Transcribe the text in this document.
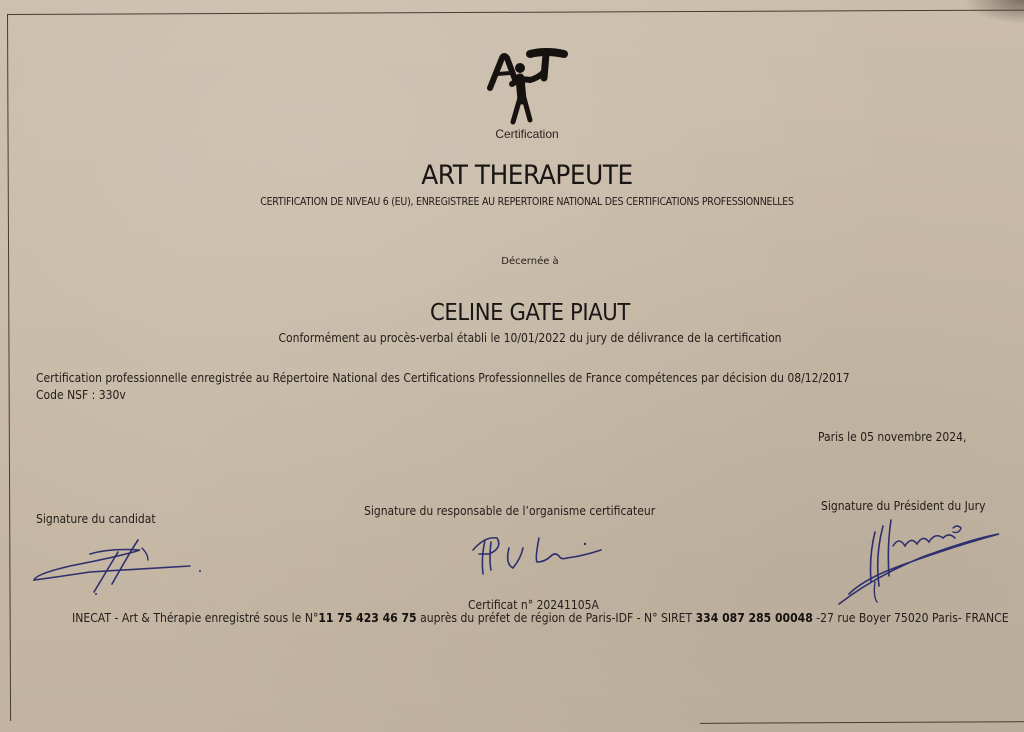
Certification
ART THERAPEUTE
CERTIFICATION DE NIVEAU 6 (EU), ENREGISTREE AU REPERTOIRE NATIONAL DES CERTIFICATIONS PROFESSIONNELLES
Décernée à
CELINE GATE PIAUT
Conformément au procès-verbal établi le 10/01/2022 du jury de délivrance de la certification
Certification professionnelle enregistrée au Répertoire National des Certifications Professionnelles de France compétences par décision du 08/12/2017
Code NSF : 330v
Paris le 05 novembre 2024,
Signature du candidat
Signature du responsable de l’organisme certificateur	Signature du Président du Jury
Certificat n° 20241105A
INECAT - Art & Thérapie enregistré sous le N°11 75 423 46 75 auprès du préfet de région de Paris-IDF - N° SIRET 334 087 285 00048 -27 rue Boyer 75020 Paris- FRANCE
